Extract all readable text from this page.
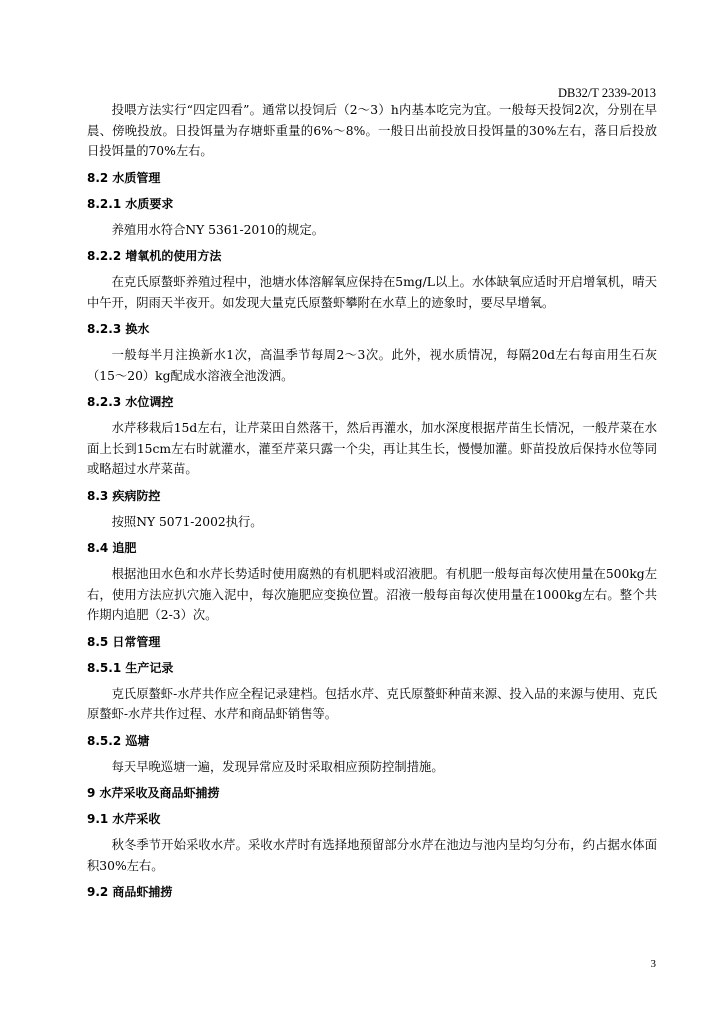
DB32/T 2339-2013

投喂方法实行“四定四看”。通常以投饲后（2～3）h内基本吃完为宜。一般每天投饲2次，分别在早晨、傍晚投放。日投饵量为存塘虾重量的6%～8%。一般日出前投放日投饵量的30%左右，落日后投放日投饵量的70%左右。

8.2 水质管理
8.2.1 水质要求

养殖用水符合NY 5361-2010的规定。

8.2.2 增氧机的使用方法

在克氏原螯虾养殖过程中，池塘水体溶解氧应保持在5mg/L以上。水体缺氧应适时开启增氧机，晴天中午开，阴雨天半夜开。如发现大量克氏原螯虾攀附在水草上的迹象时，要尽早增氧。

8.2.3 换水

一般每半月注换新水1次，高温季节每周2～3次。此外，视水质情况，每隔20d左右每亩用生石灰（15～20）kg配成水溶液全池泼洒。

8.2.3 水位调控

水芹移栽后15d左右，让芹菜田自然落干，然后再灌水，加水深度根据芹苗生长情况，一般芹菜在水面上长到15cm左右时就灌水，灌至芹菜只露一个尖，再让其生长，慢慢加灌。虾苗投放后保持水位等同或略超过水芹菜苗。

8.3 疾病防控

按照NY 5071-2002执行。

8.4 追肥

根据池田水色和水芹长势适时使用腐熟的有机肥料或沼液肥。有机肥一般每亩每次使用量在500kg左右，使用方法应扒穴施入泥中，每次施肥应变换位置。沼液一般每亩每次使用量在1000kg左右。整个共作期内追肥（2-3）次。

8.5 日常管理
8.5.1 生产记录

克氏原螯虾-水芹共作应全程记录建档。包括水芹、克氏原螯虾种苗来源、投入品的来源与使用、克氏原螯虾-水芹共作过程、水芹和商品虾销售等。

8.5.2 巡塘

每天早晚巡塘一遍，发现异常应及时采取相应预防控制措施。

9 水芹采收及商品虾捕捞
9.1 水芹采收

秋冬季节开始采收水芹。采收水芹时有选择地预留部分水芹在池边与池内呈均匀分布，约占据水体面积30%左右。

9.2 商品虾捕捞
3
